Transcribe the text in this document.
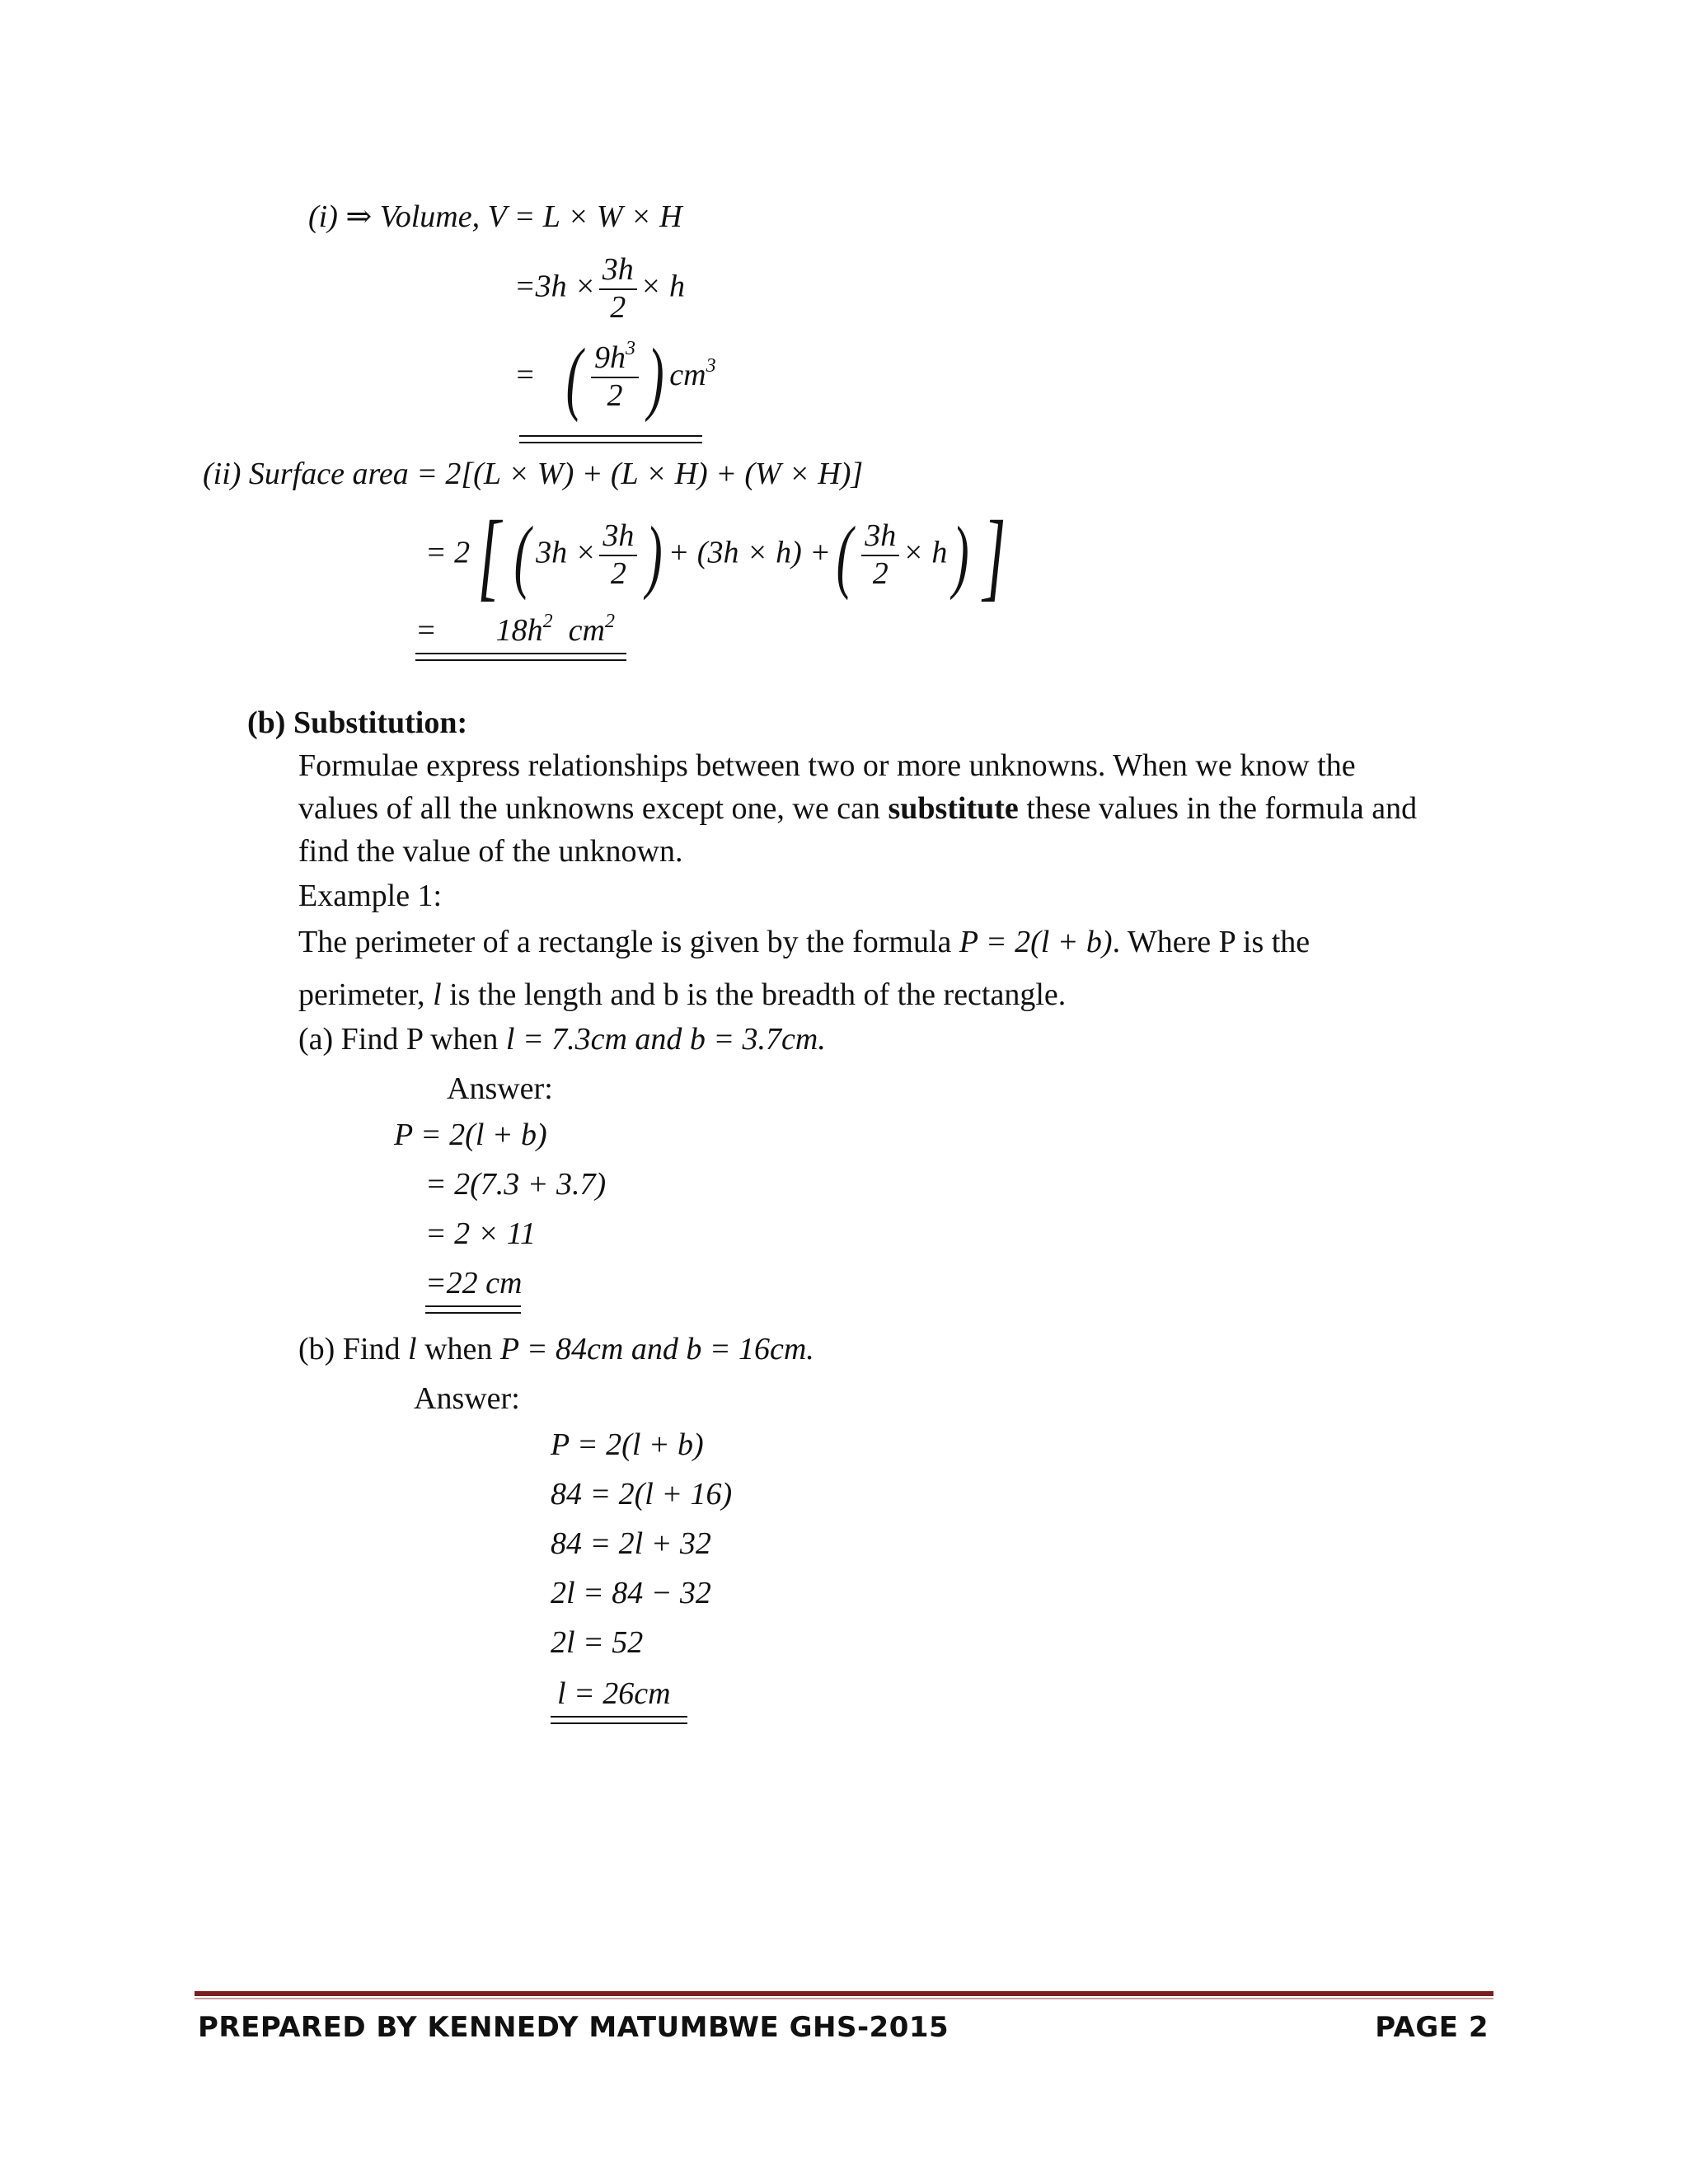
(i) ⇒ Volume, V = L × W × H
$=3h \times \frac{3h}{2} \times h$
= ( $\frac{9h^3}{2}$ ) $cm^3$
(ii) Surface area = 2[(L × W) + (L × H) + (W × H)]
= 2[ ( $3h \times \frac{3h}{2}$ ) + (3h × h) +( $\frac{3h}{2} \times h$) ]
= $18h^2$ $cm^2$
(b) Substitution:
Formulae express relationships between two or more unknowns. When we know the
values of all the unknowns except one, we can substitute these values in the formula and
find the value of the unknown.
Example 1:
The perimeter of a rectangle is given by the formula P = 2(l + b). Where P is the
perimeter, l is the length and b is the breadth of the rectangle.
(a) Find P when l = 7.3cm and b = 3.7cm.
Answer:
P = 2(l + b)
= 2(7.3 + 3.7)
= 2 × 11
=22 cm
(b) Find l when P = 84cm and b = 16cm.
Answer:
P = 2(l + b)
84 = 2(l + 16)
84 = 2l + 32
2l = 84 − 32
2l = 52
l = 26cm
PREPARED BY KENNEDY MATUMBWE GHS-2015	PAGE 2
